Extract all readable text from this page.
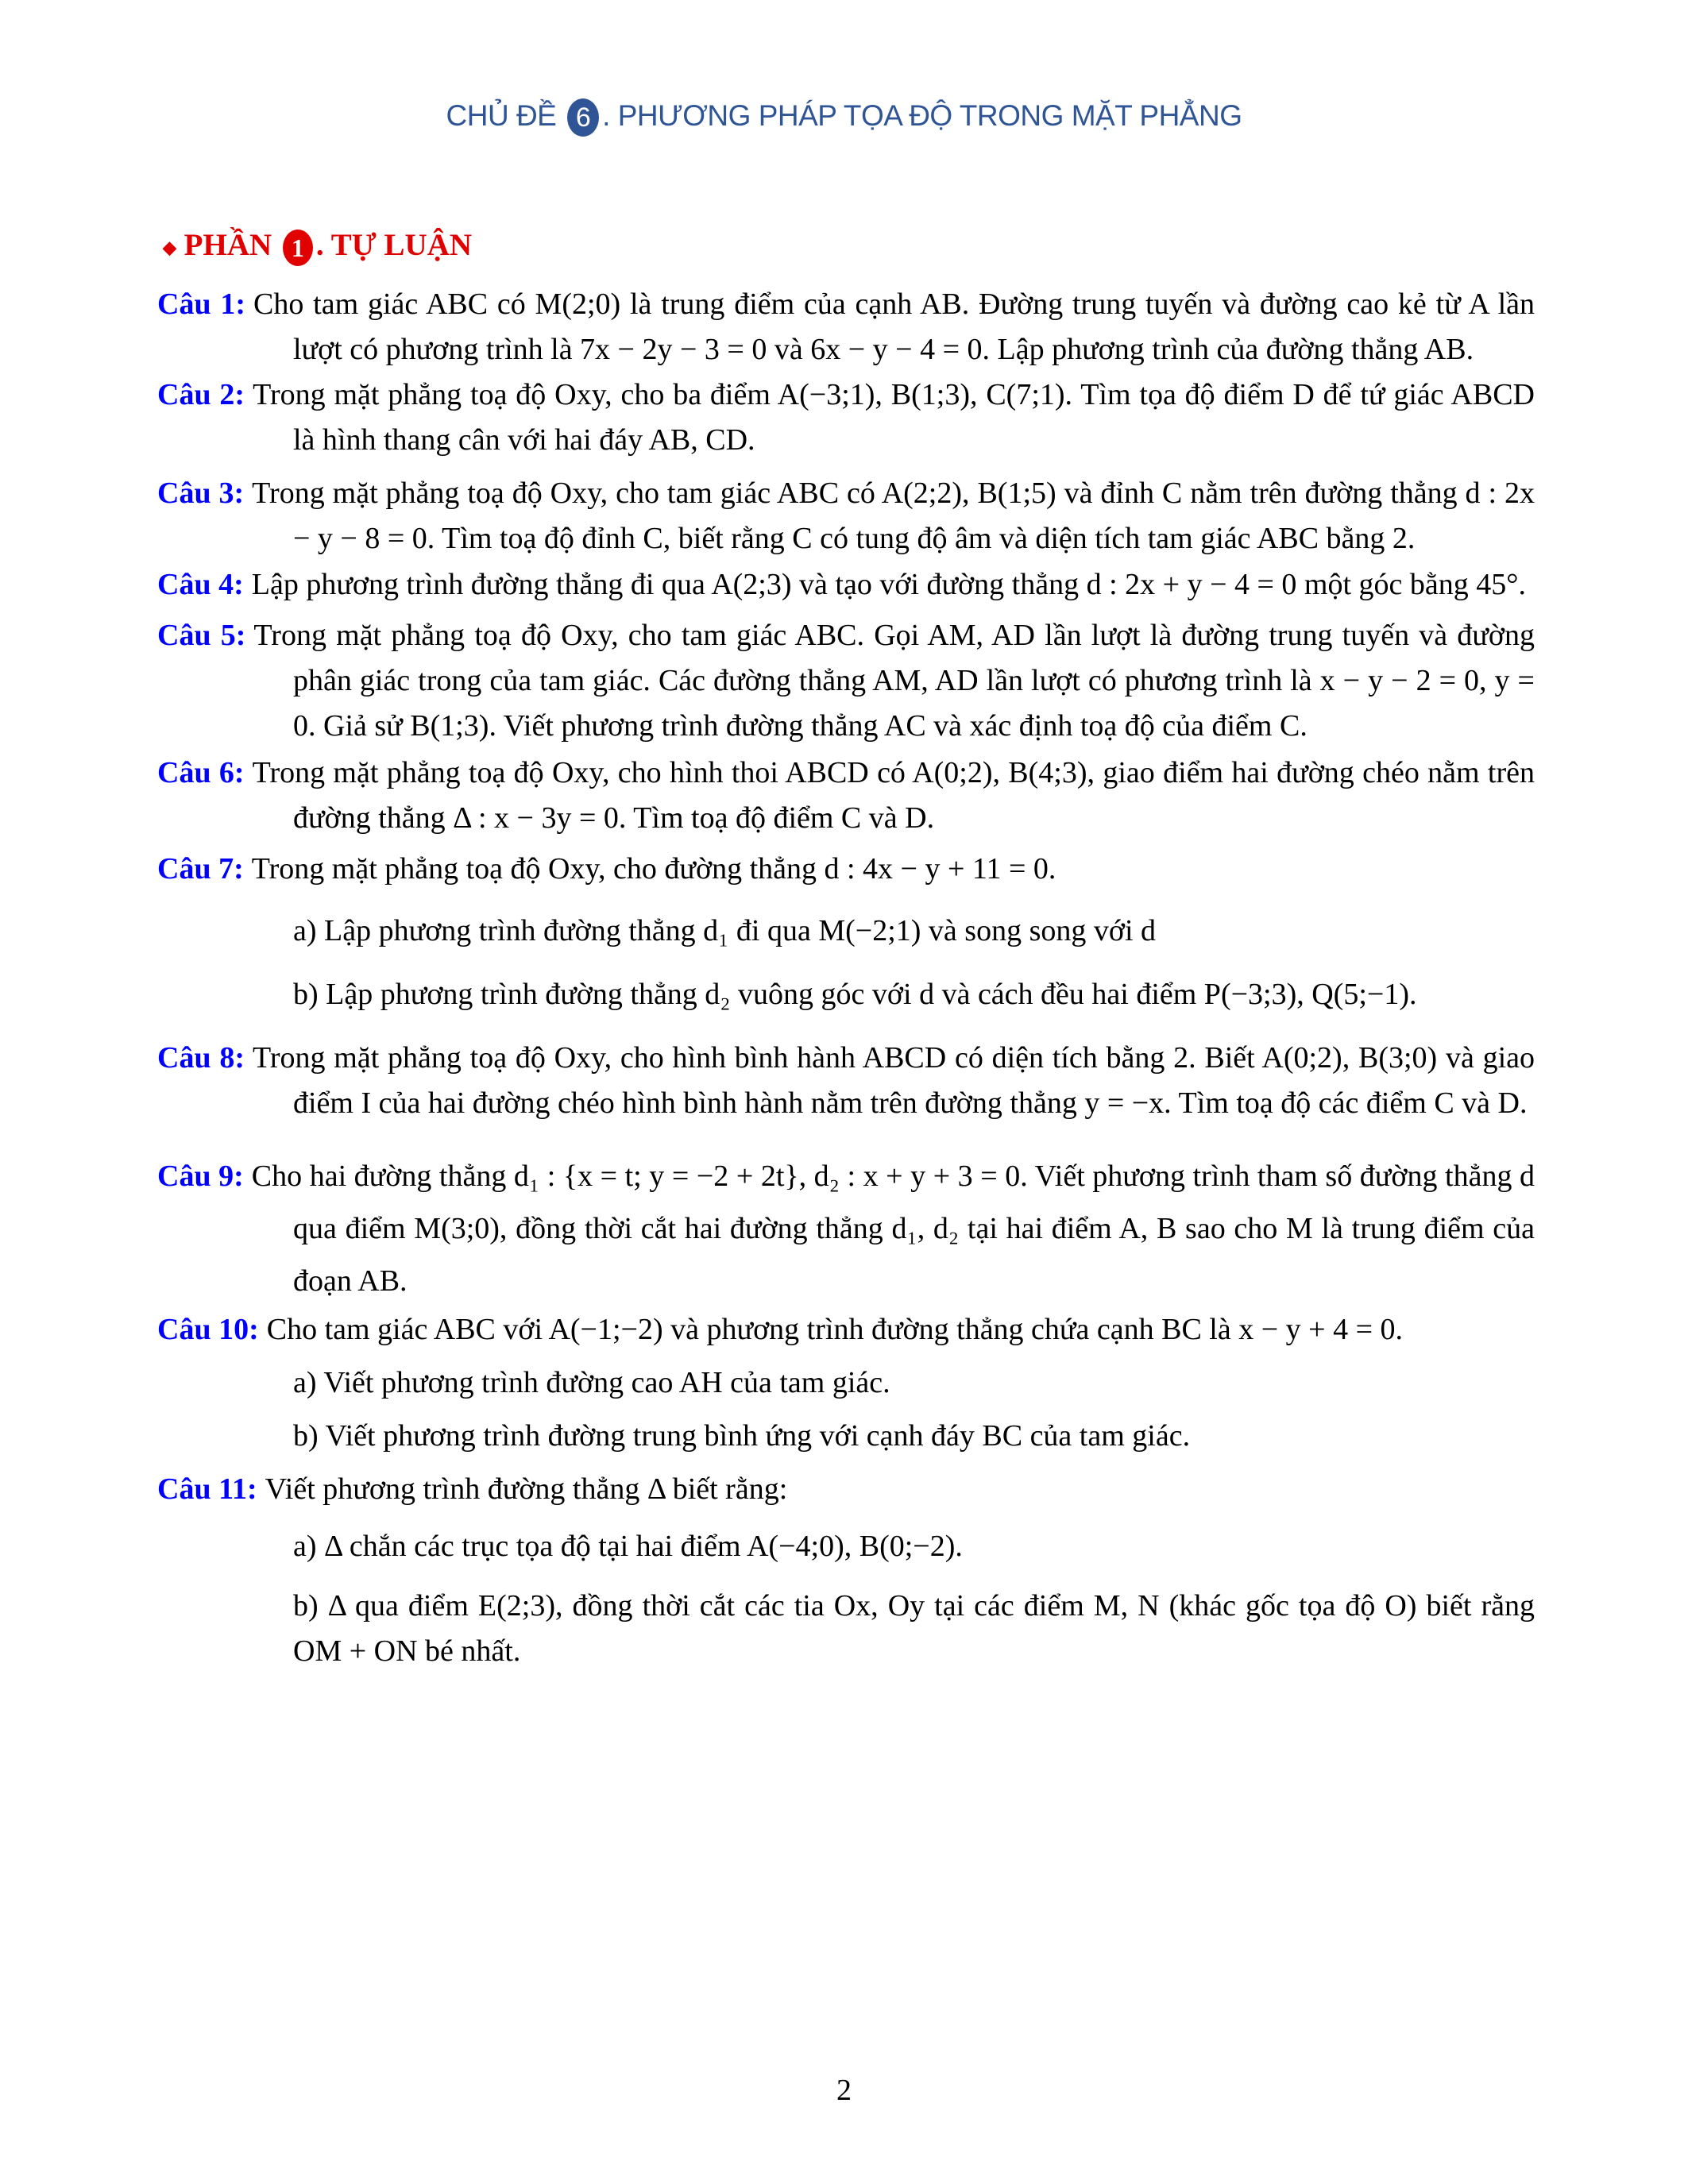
CHỦ ĐỀ 6 . PHƯƠNG PHÁP TỌA ĐỘ TRONG MẶT PHẲNG
◆ PHẦN 1 . TỰ LUẬN
Câu 1: Cho tam giác ABC có M(2;0) là trung điểm của cạnh AB. Đường trung tuyến và đường cao kẻ từ A lần lượt có phương trình là 7x − 2y − 3 = 0 và 6x − y − 4 = 0. Lập phương trình của đường thẳng AB.
Câu 2: Trong mặt phẳng toạ độ Oxy, cho ba điểm A(−3;1), B(1;3), C(7;1). Tìm tọa độ điểm D để tứ giác ABCD là hình thang cân với hai đáy AB, CD.
Câu 3: Trong mặt phẳng toạ độ Oxy, cho tam giác ABC có A(2;2), B(1;5) và đỉnh C nằm trên đường thẳng d : 2x − y − 8 = 0. Tìm toạ độ đỉnh C, biết rằng C có tung độ âm và diện tích tam giác ABC bằng 2.
Câu 4: Lập phương trình đường thẳng đi qua A(2;3) và tạo với đường thẳng d : 2x + y − 4 = 0 một góc bằng 45°.
Câu 5: Trong mặt phẳng toạ độ Oxy, cho tam giác ABC. Gọi AM, AD lần lượt là đường trung tuyến và đường phân giác trong của tam giác. Các đường thẳng AM, AD lần lượt có phương trình là x − y − 2 = 0, y = 0. Giả sử B(1;3). Viết phương trình đường thẳng AC và xác định toạ độ của điểm C.
Câu 6: Trong mặt phẳng toạ độ Oxy, cho hình thoi ABCD có A(0;2), B(4;3), giao điểm hai đường chéo nằm trên đường thẳng Δ : x − 3y = 0. Tìm toạ độ điểm C và D.
Câu 7: Trong mặt phẳng toạ độ Oxy, cho đường thẳng d : 4x − y + 11 = 0.
a) Lập phương trình đường thẳng d₁ đi qua M(−2;1) và song song với d
b) Lập phương trình đường thẳng d₂ vuông góc với d và cách đều hai điểm P(−3;3), Q(5;−1).
Câu 8: Trong mặt phẳng toạ độ Oxy, cho hình bình hành ABCD có diện tích bằng 2. Biết A(0;2), B(3;0) và giao điểm I của hai đường chéo hình bình hành nằm trên đường thẳng y = −x. Tìm toạ độ các điểm C và D.
Câu 9: Cho hai đường thẳng d₁ : {x = t; y = −2 + 2t}, d₂ : x + y + 3 = 0. Viết phương trình tham số đường thẳng d qua điểm M(3;0), đồng thời cắt hai đường thẳng d₁, d₂ tại hai điểm A, B sao cho M là trung điểm của đoạn AB.
Câu 10: Cho tam giác ABC với A(−1;−2) và phương trình đường thẳng chứa cạnh BC là x − y + 4 = 0.
a) Viết phương trình đường cao AH của tam giác.
b) Viết phương trình đường trung bình ứng với cạnh đáy BC của tam giác.
Câu 11: Viết phương trình đường thẳng Δ biết rằng:
a) Δ chắn các trục tọa độ tại hai điểm A(−4;0), B(0;−2).
b) Δ qua điểm E(2;3), đồng thời cắt các tia Ox, Oy tại các điểm M, N (khác gốc tọa độ O) biết rằng OM + ON bé nhất.
2
